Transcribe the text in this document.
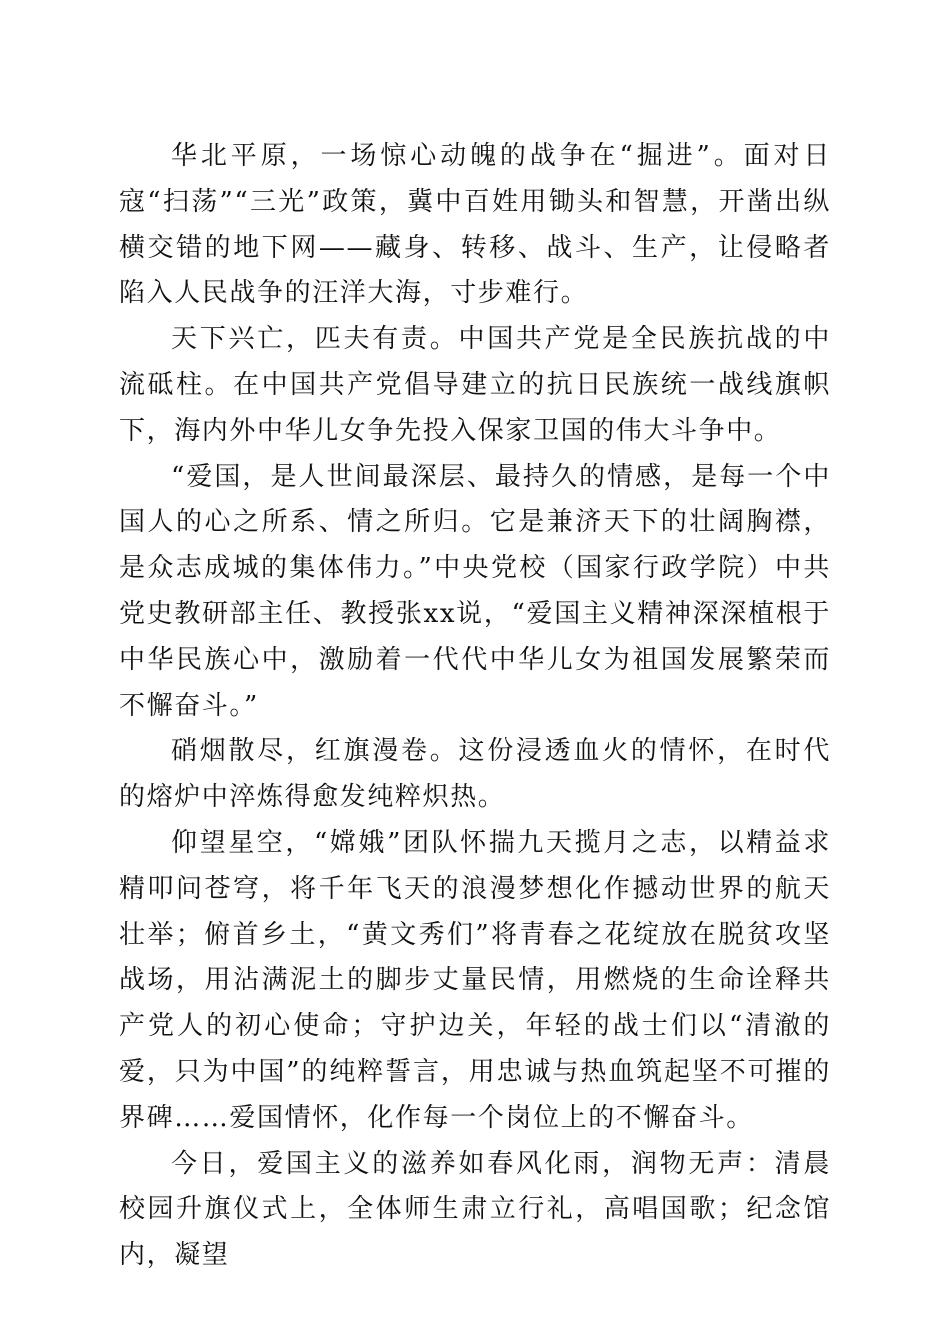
华北平原，一场惊心动魄的战争在“掘进”。面对日寇“扫荡”“三光”政策，冀中百姓用锄头和智慧，开凿出纵横交错的地下网——藏身、转移、战斗、生产，让侵略者陷入人民战争的汪洋大海，寸步难行。

天下兴亡，匹夫有责。中国共产党是全民族抗战的中流砥柱。在中国共产党倡导建立的抗日民族统一战线旗帜下，海内外中华儿女争先投入保家卫国的伟大斗争中。

“爱国，是人世间最深层、最持久的情感，是每一个中国人的心之所系、情之所归。它是兼济天下的壮阔胸襟，是众志成城的集体伟力。”中央党校（国家行政学院）中共党史教研部主任、教授张xx说，“爱国主义精神深深植根于中华民族心中，激励着一代代中华儿女为祖国发展繁荣而不懈奋斗。”

硝烟散尽，红旗漫卷。这份浸透血火的情怀，在时代的熔炉中淬炼得愈发纯粹炽热。

仰望星空，“嫦娥”团队怀揣九天揽月之志，以精益求精叩问苍穹，将千年飞天的浪漫梦想化作撼动世界的航天壮举；俯首乡土，“黄文秀们”将青春之花绽放在脱贫攻坚战场，用沾满泥土的脚步丈量民情，用燃烧的生命诠释共产党人的初心使命；守护边关，年轻的战士们以“清澈的爱，只为中国”的纯粹誓言，用忠诚与热血筑起坚不可摧的界碑……爱国情怀，化作每一个岗位上的不懈奋斗。

今日，爱国主义的滋养如春风化雨，润物无声：清晨校园升旗仪式上，全体师生肃立行礼，高唱国歌；纪念馆内，凝望
